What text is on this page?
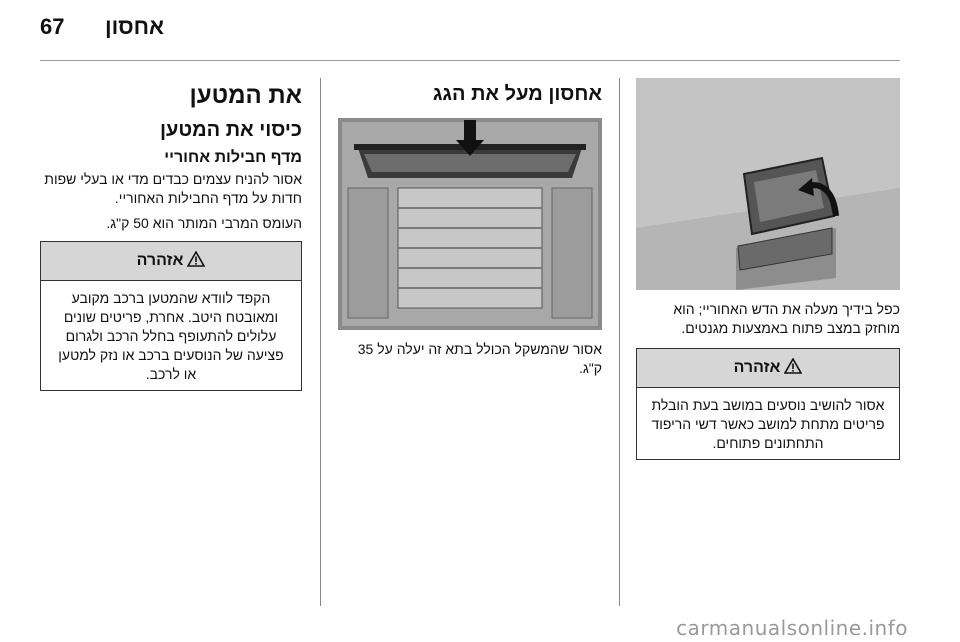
67 אחסון
את המטען
כיסוי את המטען
מדף חבילות אחוריי
אסור להניח עצמים כבדים מדי או בעלי שפות חדות על מדף החבילות האחוריי.
העומס המרבי המותר הוא 50 ק"ג.
אזהרה
הקפד לוודא שהמטען ברכב מקובע ומאובטח היטב. אחרת, פריטים שונים עלולים להתעופף בחלל הרכב ולגרום פציעה של הנוסעים ברכב או נזק למטען או לרכב.
אחסון מעל את הגג
אסור שהמשקל הכולל בתא זה יעלה על 35 ק"ג.
כפל בידיך מעלה את הדש האחוריי; הוא מוחזק במצב פתוח באמצעות מגנטים.
אזהרה
אסור להושיב נוסעים במושב בעת הובלת פריטים מתחת למושב כאשר דשי הריפוד התחתונים פתוחים.
carmanualsonline.info
